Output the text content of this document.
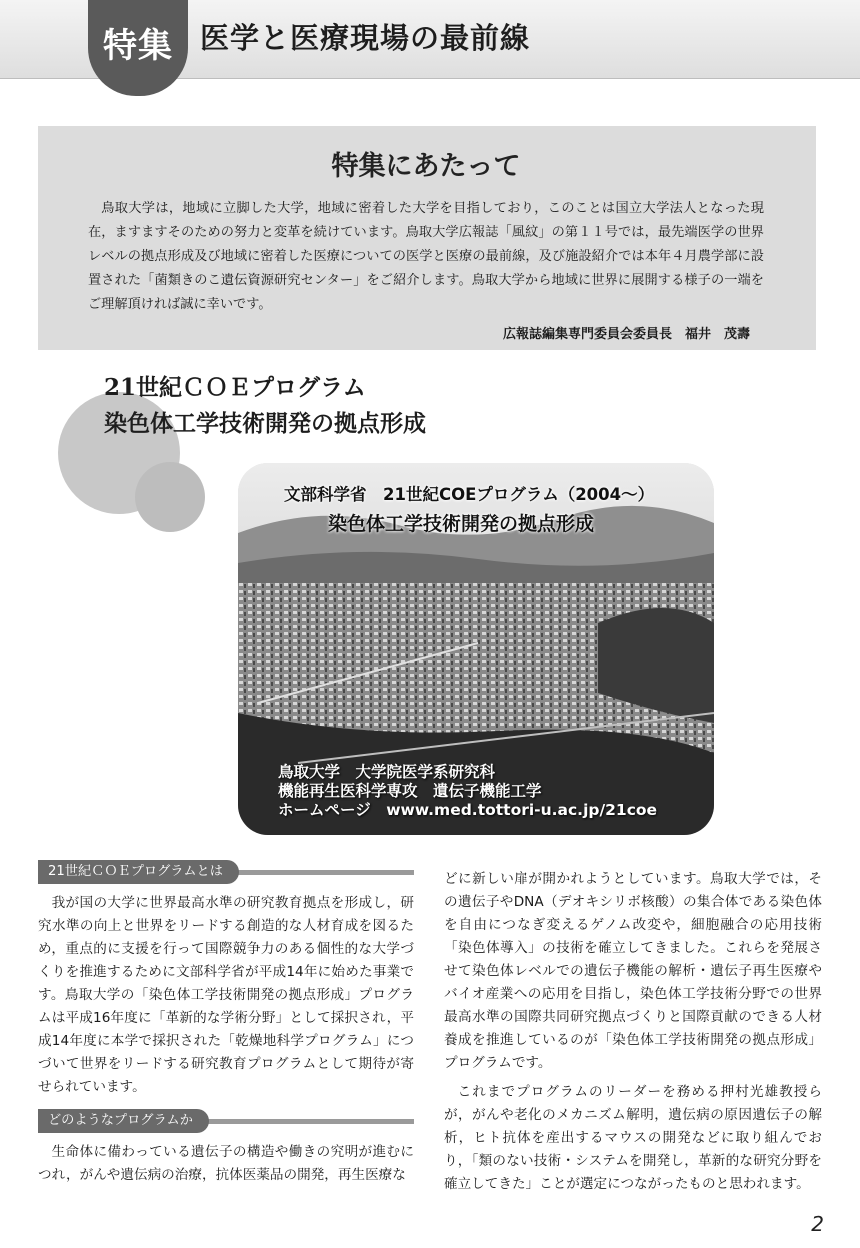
特集 医学と医療現場の最前線
特集にあたって

鳥取大学は，地域に立脚した大学，地域に密着した大学を目指しており，このことは国立大学法人となった現在，ますますそのための努力と変革を続けています。鳥取大学広報誌「風紋」の第１１号では，最先端医学の世界レベルの拠点形成及び地域に密着した医療についての医学と医療の最前線，及び施設紹介では本年４月農学部に設置された「菌類きのこ遺伝資源研究センター」をご紹介します。鳥取大学から地域に世界に展開する様子の一端をご理解頂ければ誠に幸いです。

広報誌編集専門委員会委員長　福井　茂壽

21世紀ＣＯＥプログラム
染色体工学技術開発の拠点形成
文部科学省　21世紀COEプログラム（2004〜）
染色体工学技術開発の拠点形成
鳥取大学　大学院医学系研究科
機能再生医科学専攻　遺伝子機能工学
ホームページ　www.med.tottori-u.ac.jp/21coe
21世紀ＣＯＥプログラムとは

我が国の大学に世界最高水準の研究教育拠点を形成し，研究水準の向上と世界をリードする創造的な人材育成を図るため，重点的に支援を行って国際競争力のある個性的な大学づくりを推進するために文部科学省が平成14年に始めた事業です。鳥取大学の「染色体工学技術開発の拠点形成」プログラムは平成16年度に「革新的な学術分野」として採択され，平成14年度に本学で採択された「乾燥地科学プログラム」につづいて世界をリードする研究教育プログラムとして期待が寄せられています。

どのようなプログラムか

生命体に備わっている遺伝子の構造や働きの究明が進むにつれ，がんや遺伝病の治療，抗体医薬品の開発，再生医療な

どに新しい扉が開かれようとしています。鳥取大学では，その遺伝子やDNA（デオキシリボ核酸）の集合体である染色体を自由につなぎ変えるゲノム改変や，細胞融合の応用技術「染色体導入」の技術を確立してきました。これらを発展させて染色体レベルでの遺伝子機能の解析・遺伝子再生医療やバイオ産業への応用を目指し，染色体工学技術分野での世界最高水準の国際共同研究拠点づくりと国際貢献のできる人材養成を推進しているのが「染色体工学技術開発の拠点形成」プログラムです。

これまでプログラムのリーダーを務める押村光雄教授らが，がんや老化のメカニズム解明，遺伝病の原因遺伝子の解析，ヒト抗体を産出するマウスの開発などに取り組んでおり，「類のない技術・システムを開発し，革新的な研究分野を確立してきた」ことが選定につながったものと思われます。

2
